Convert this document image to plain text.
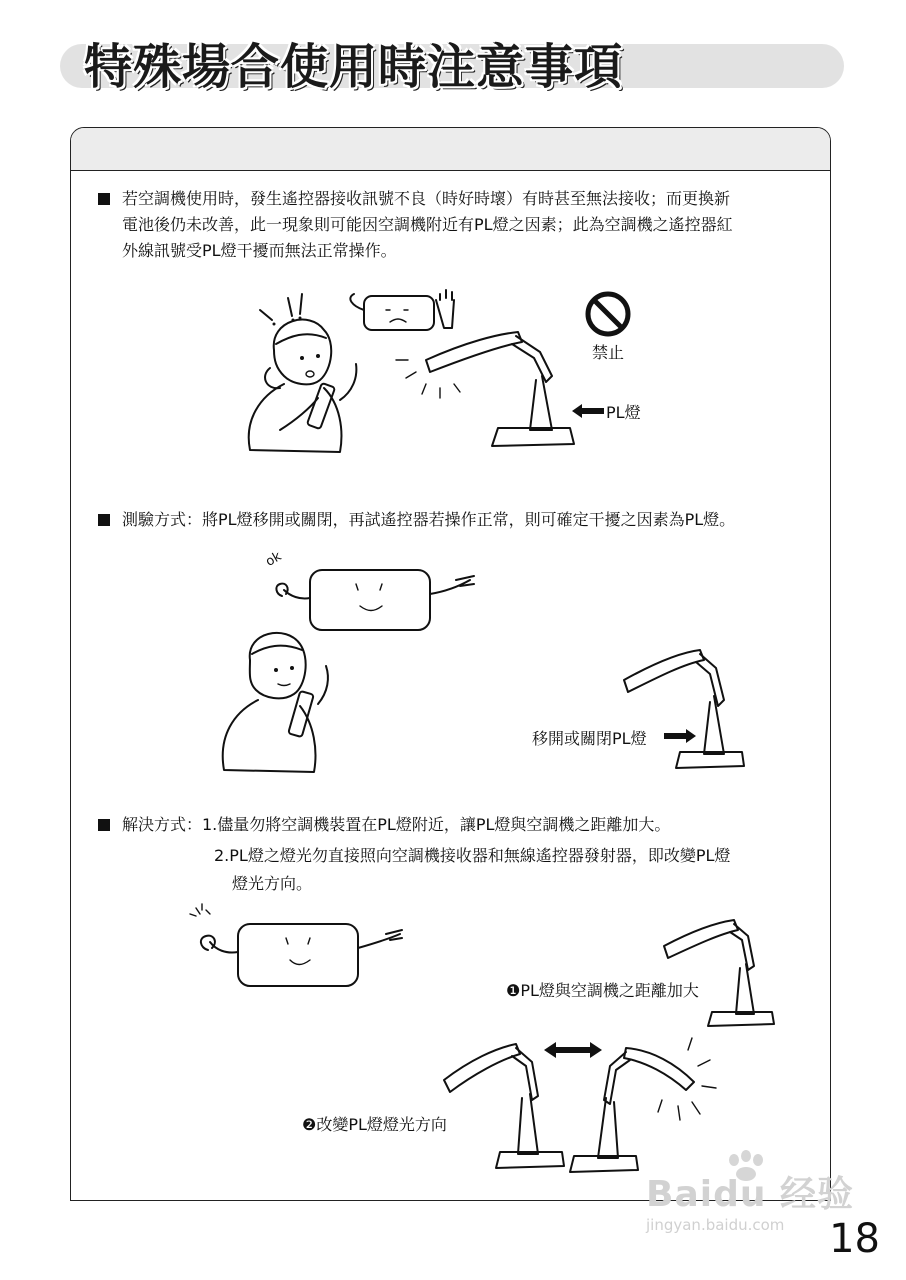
特殊場合使用時注意事項
若空調機使用時，發生遙控器接收訊號不良（時好時壞）有時甚至無法接收；而更換新
電池後仍未改善，此一現象則可能因空調機附近有PL燈之因素；此為空調機之遙控器紅
外線訊號受PL燈干擾而無法正常操作。
禁止
PL燈
測驗方式：將PL燈移開或關閉，再試遙控器若操作正常，則可確定干擾之因素為PL燈。
ok
移開或關閉PL燈
解決方式：1.儘量勿將空調機裝置在PL燈附近，讓PL燈與空調機之距離加大。
2.PL燈之燈光勿直接照向空調機接收器和無線遙控器發射器，即改變PL燈
燈光方向。
❶PL燈與空調機之距離加大
❷改變PL燈燈光方向
18
Baidu 经验
jingyan.baidu.com
